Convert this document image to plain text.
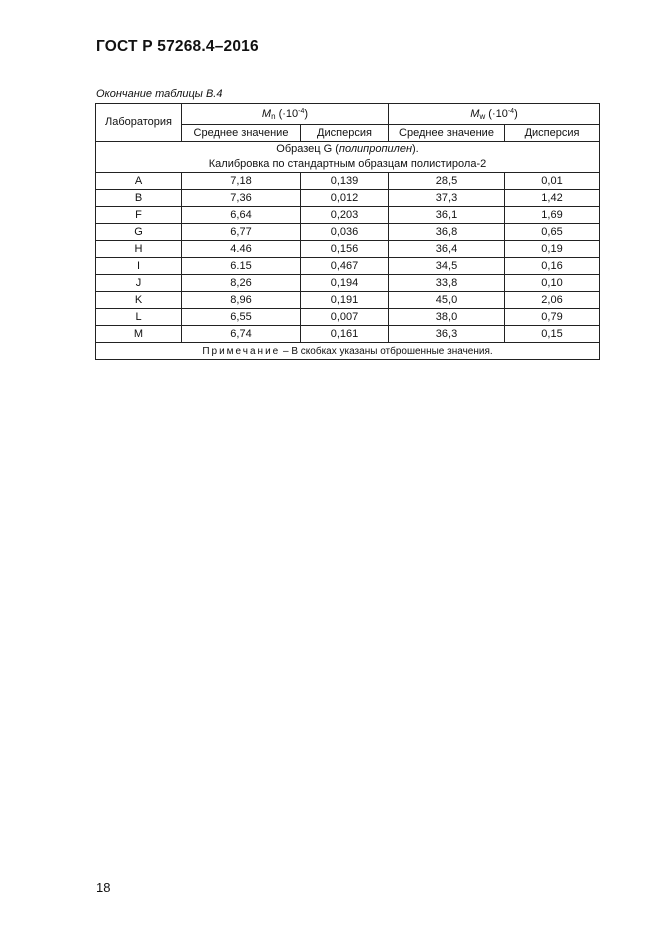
ГОСТ Р 57268.4–2016
Окончание таблицы В.4
Лаборатория	$M_n$ $(\cdot 10^{-4})$		$M_w$ $(\cdot 10^{-4})$	
	Среднее значение	Дисперсия	Среднее значение	Дисперсия

Образец G (полипропилен).
Калибровка по стандартным образцам полистирола-2				

A	7,18	0,139	28,5	0,01
B	7,36	0,012	37,3	1,42
F	6,64	0,203	36,1	1,69
G	6,77	0,036	36,8	0,65
H	4.46	0,156	36,4	0,19
I	6.15	0,467	34,5	0,16
J	8,26	0,194	33,8	0,10
K	8,96	0,191	45,0	2,06
L	6,55	0,007	38,0	0,79
M	6,74	0,161	36,3	0,15
Примечание – В скобках указаны отброшенные значения.				
18
